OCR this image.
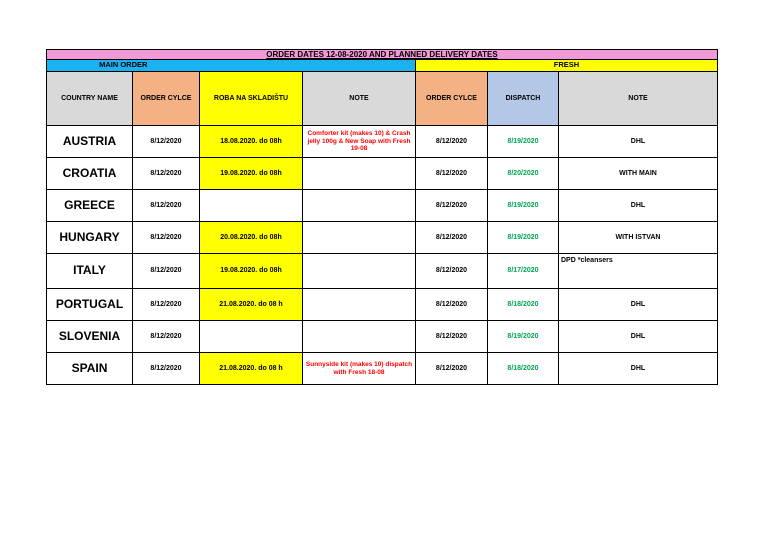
ORDER DATES 12-08-2020 AND PLANNED DELIVERY DATES						
MAIN ORDER				FRESH		
COUNTRY NAME	ORDER CYLCE	ROBA NA SKLADIŠTU	NOTE	ORDER CYLCE	DISPATCH	NOTE
AUSTRIA	8/12/2020	18.08.2020. do 08h	Comforter kit (makes 10) & Crash jelly 100g & New Soap with Fresh 19-08	8/12/2020	8/19/2020	DHL
CROATIA	8/12/2020	19.08.2020. do 08h		8/12/2020	8/20/2020	WITH MAIN
GREECE	8/12/2020			8/12/2020	8/19/2020	DHL
HUNGARY	8/12/2020	20.08.2020. do 08h		8/12/2020	8/19/2020	WITH ISTVAN
ITALY	8/12/2020	19.08.2020. do 08h		8/12/2020	8/17/2020	DPD *cleansers
PORTUGAL	8/12/2020	21.08.2020. do 08 h		8/12/2020	8/18/2020	DHL
SLOVENIA	8/12/2020			8/12/2020	8/19/2020	DHL
SPAIN	8/12/2020	21.08.2020. do 08 h	Sunnyside kit (makes 10) dispatch with Fresh 18-08	8/12/2020	8/18/2020	DHL
